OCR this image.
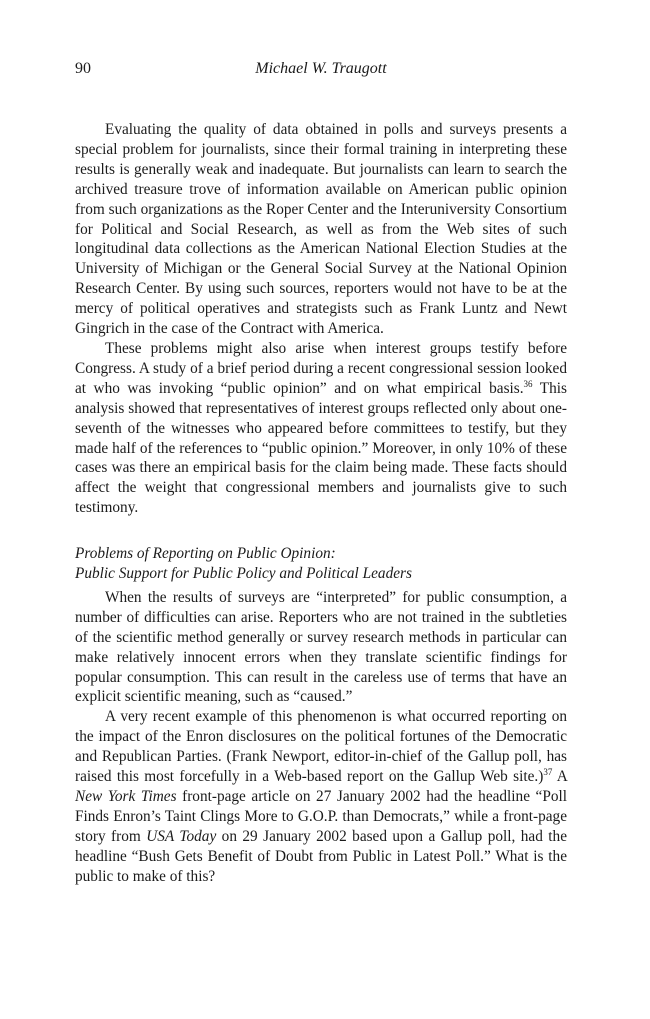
90	Michael W. Traugott

Evaluating the quality of data obtained in polls and surveys presents a special problem for journalists, since their formal training in interpreting these results is generally weak and inadequate. But journalists can learn to search the archived treasure trove of information available on American public opinion from such organizations as the Roper Center and the Interuniversity Consortium for Political and Social Research, as well as from the Web sites of such longitudinal data collections as the American National Election Studies at the University of Michigan or the General Social Survey at the National Opinion Research Center. By using such sources, reporters would not have to be at the mercy of political operatives and strategists such as Frank Luntz and Newt Gingrich in the case of the Contract with America.

These problems might also arise when interest groups testify before Congress. A study of a brief period during a recent congressional session looked at who was invoking “public opinion” and on what empirical basis.$^{36}$ This analysis showed that representatives of interest groups reflected only about one-seventh of the witnesses who appeared before committees to testify, but they made half of the references to “public opinion.” Moreover, in only 10% of these cases was there an empirical basis for the claim being made. These facts should affect the weight that congressional members and journalists give to such testimony.

Problems of Reporting on Public Opinion:
Public Support for Public Policy and Political Leaders

When the results of surveys are “interpreted” for public consumption, a number of difficulties can arise. Reporters who are not trained in the subtleties of the scientific method generally or survey research methods in particular can make relatively innocent errors when they translate scientific findings for popular consumption. This can result in the careless use of terms that have an explicit scientific meaning, such as “caused.”

A very recent example of this phenomenon is what occurred reporting on the impact of the Enron disclosures on the political fortunes of the Democratic and Republican Parties. (Frank Newport, editor-in-chief of the Gallup poll, has raised this most forcefully in a Web-based report on the Gallup Web site.)$^{37}$ A New York Times front-page article on 27 January 2002 had the headline “Poll Finds Enron’s Taint Clings More to G.O.P. than Democrats,” while a front-page story from USA Today on 29 January 2002 based upon a Gallup poll, had the headline “Bush Gets Benefit of Doubt from Public in Latest Poll.” What is the public to make of this?
